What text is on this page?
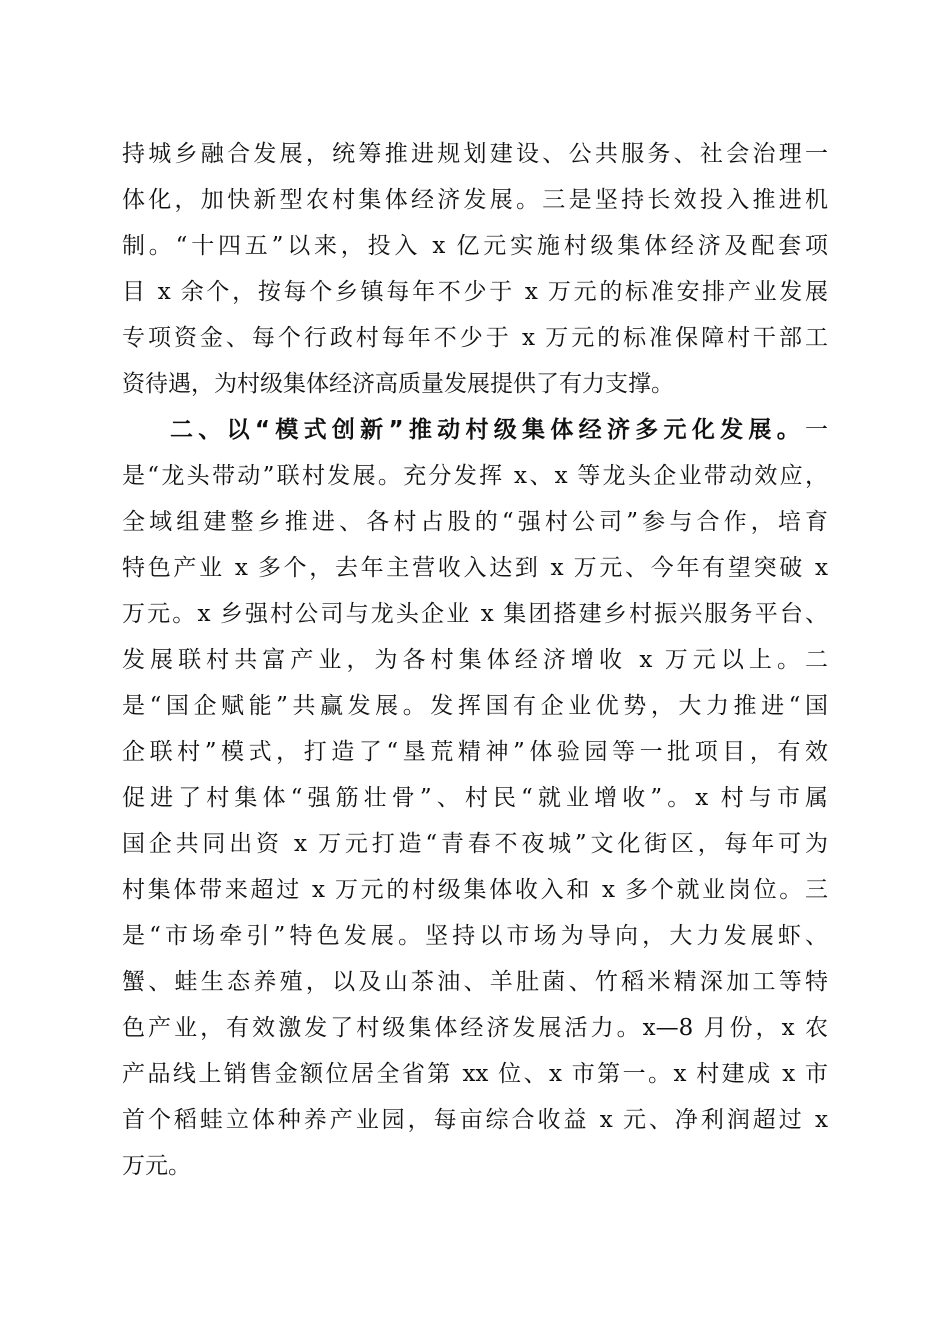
持城乡融合发展，统筹推进规划建设、公共服务、社会治理一
体化，加快新型农村集体经济发展。三是坚持长效投入推进机
制。“十四五”以来，投入 x 亿元实施村级集体经济及配套项
目 x 余个，按每个乡镇每年不少于 x 万元的标准安排产业发展
专项资金、每个行政村每年不少于 x 万元的标准保障村干部工
资待遇，为村级集体经济高质量发展提供了有力支撑。
二、以“模式创新”推动村级集体经济多元化发展。一
是“龙头带动”联村发展。充分发挥 x、x 等龙头企业带动效应，
全域组建整乡推进、各村占股的“强村公司”参与合作，培育
特色产业 x 多个，去年主营收入达到 x 万元、今年有望突破 x
万元。x 乡强村公司与龙头企业 x 集团搭建乡村振兴服务平台、
发展联村共富产业，为各村集体经济增收 x 万元以上。二
是“国企赋能”共赢发展。发挥国有企业优势，大力推进“国
企联村”模式，打造了“垦荒精神”体验园等一批项目，有效
促进了村集体“强筋壮骨”、村民“就业增收”。x 村与市属
国企共同出资 x 万元打造“青春不夜城”文化街区，每年可为
村集体带来超过 x 万元的村级集体收入和 x 多个就业岗位。三
是“市场牵引”特色发展。坚持以市场为导向，大力发展虾、
蟹、蛙生态养殖，以及山茶油、羊肚菌、竹稻米精深加工等特
色产业，有效激发了村级集体经济发展活力。x—8 月份，x 农
产品线上销售金额位居全省第 xx 位、x 市第一。x 村建成 x 市
首个稻蛙立体种养产业园，每亩综合收益 x 元、净利润超过 x
万元。
